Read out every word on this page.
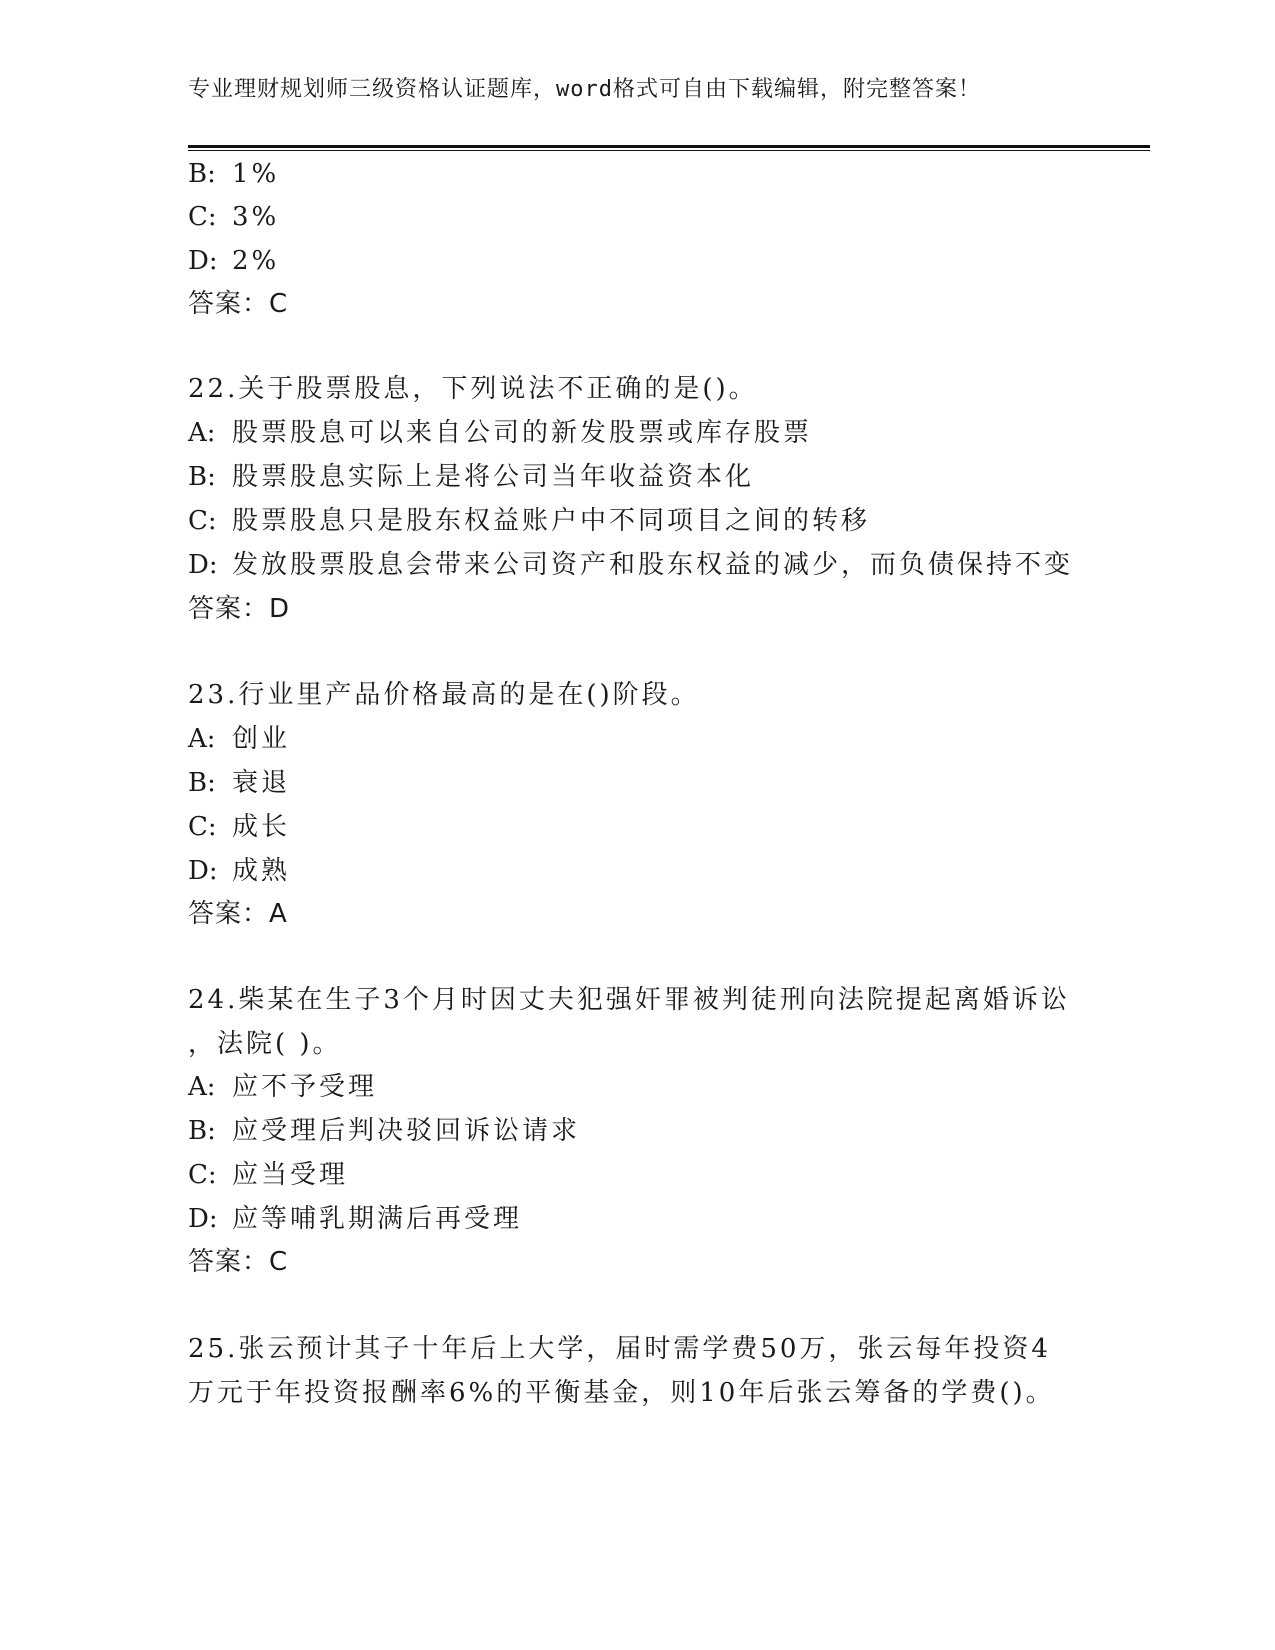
专业理财规划师三级资格认证题库，word格式可自由下载编辑，附完整答案！
B: 1%
C: 3%
D: 2%
答案：C
22.关于股票股息，下列说法不正确的是()。
A: 股票股息可以来自公司的新发股票或库存股票
B: 股票股息实际上是将公司当年收益资本化
C: 股票股息只是股东权益账户中不同项目之间的转移
D: 发放股票股息会带来公司资产和股东权益的减少，而负债保持不变
答案：D
23.行业里产品价格最高的是在()阶段。
A: 创业
B: 衰退
C: 成长
D: 成熟
答案：A
24.柴某在生子3个月时因丈夫犯强奸罪被判徒刑向法院提起离婚诉讼
，法院( )。
A: 应不予受理
B: 应受理后判决驳回诉讼请求
C: 应当受理
D: 应等哺乳期满后再受理
答案：C
25.张云预计其子十年后上大学，届时需学费50万，张云每年投资4
万元于年投资报酬率6%的平衡基金，则10年后张云筹备的学费()。
